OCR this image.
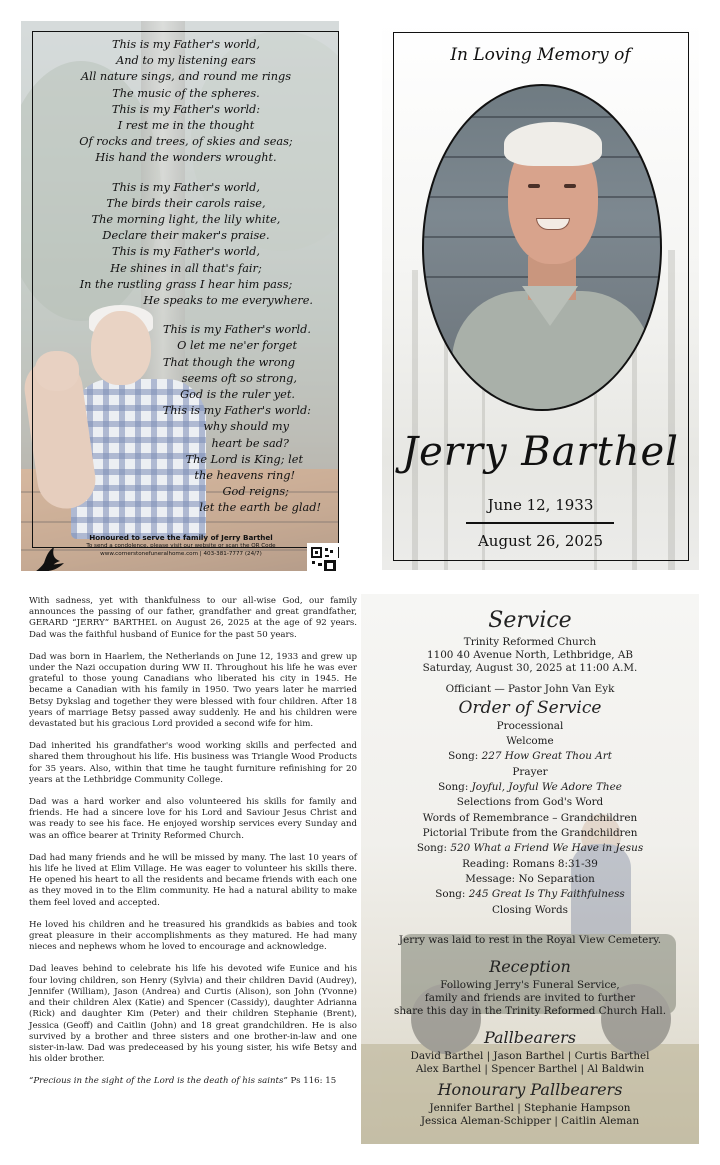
This is my Father's world,
And to my listening ears
All nature sings, and round me rings
The music of the spheres.
This is my Father's world:
I rest me in the thought
Of rocks and trees, of skies and seas;
His hand the wonders wrought.
This is my Father's world,
The birds their carols raise,
The morning light, the lily white,
Declare their maker's praise.
This is my Father's world,
He shines in all that's fair;
In the rustling grass I hear him pass;
He speaks to me everywhere.
This is my Father's world.
O let me ne'er forget
That though the wrong
seems oft so strong,
God is the ruler yet.
This is my Father's world:
why should my
heart be sad?
The Lord is King; let
the heavens ring!
God reigns;
let the earth be glad!
Honoured to serve the family of Jerry Barthel
To send a condolence, please visit our website or scan the QR Code
www.cornerstonefuneralhome.com | 403-381-7777 (24/7)
In Loving Memory of
Jerry Barthel
June 12, 1933
August 26, 2025

With sadness, yet with thankfulness to our all-wise God, our family announces the passing of our father, grandfather and great grandfather, GERARD “JERRY” BARTHEL on August 26, 2025 at the age of 92 years. Dad was the faithful husband of Eunice for the past 50 years.

Dad was born in Haarlem, the Netherlands on June 12, 1933 and grew up under the Nazi occupation during WW II. Throughout his life he was ever grateful to those young Canadians who liberated his city in 1945. He became a Canadian with his family in 1950. Two years later he married Betsy Dykslag and together they were blessed with four children. After 18 years of marriage Betsy passed away suddenly. He and his children were devastated but his gracious Lord provided a second wife for him.

Dad inherited his grandfather's wood working skills and perfected and shared them throughout his life. His business was Triangle Wood Products for 35 years. Also, within that time he taught furniture refinishing for 20 years at the Lethbridge Community College.

Dad was a hard worker and also volunteered his skills for family and friends. He had a sincere love for his Lord and Saviour Jesus Christ and was ready to see his face. He enjoyed worship services every Sunday and was an office bearer at Trinity Reformed Church.

Dad had many friends and he will be missed by many. The last 10 years of his life he lived at Elim Village. He was eager to volunteer his skills there. He opened his heart to all the residents and became friends with each one as they moved in to the Elim community. He had a natural ability to make them feel loved and accepted.

He loved his children and he treasured his grandkids as babies and took great pleasure in their accomplishments as they matured. He had many nieces and nephews whom he loved to encourage and acknowledge.

Dad leaves behind to celebrate his life his devoted wife Eunice and his four loving children, son Henry (Sylvia) and their children David (Audrey), Jennifer (William), Jason (Andrea) and Curtis (Alison), son John (Yvonne) and their children Alex (Katie) and Spencer (Cassidy), daughter Adrianna (Rick) and daughter Kim (Peter) and their children Stephanie (Brent), Jessica (Geoff) and Caitlin (John) and 18 great grandchildren. He is also survived by a brother and three sisters and one brother-in-law and one sister-in-law. Dad was predeceased by his young sister, his wife Betsy and his older brother.

“Precious in the sight of the Lord is the death of his saints” Ps 116: 15
Service
Trinity Reformed Church
1100 40 Avenue North, Lethbridge, AB
Saturday, August 30, 2025 at 11:00 A.M.
Officiant — Pastor John Van Eyk
Order of Service
Processional
Welcome
Song: 227 How Great Thou Art
Prayer
Song: Joyful, Joyful We Adore Thee
Selections from God's Word
Words of Remembrance – Grandchildren
Pictorial Tribute from the Grandchildren
Song: 520 What a Friend We Have in Jesus
Reading: Romans 8:31-39
Message: No Separation
Song: 245 Great Is Thy Faithfulness
Closing Words
Jerry was laid to rest in the Royal View Cemetery.
Reception
Following Jerry's Funeral Service,
family and friends are invited to further
share this day in the Trinity Reformed Church Hall.
Pallbearers
David Barthel | Jason Barthel | Curtis Barthel
Alex Barthel | Spencer Barthel | Al Baldwin
Honourary Pallbearers
Jennifer Barthel | Stephanie Hampson
Jessica Aleman-Schipper | Caitlin Aleman
